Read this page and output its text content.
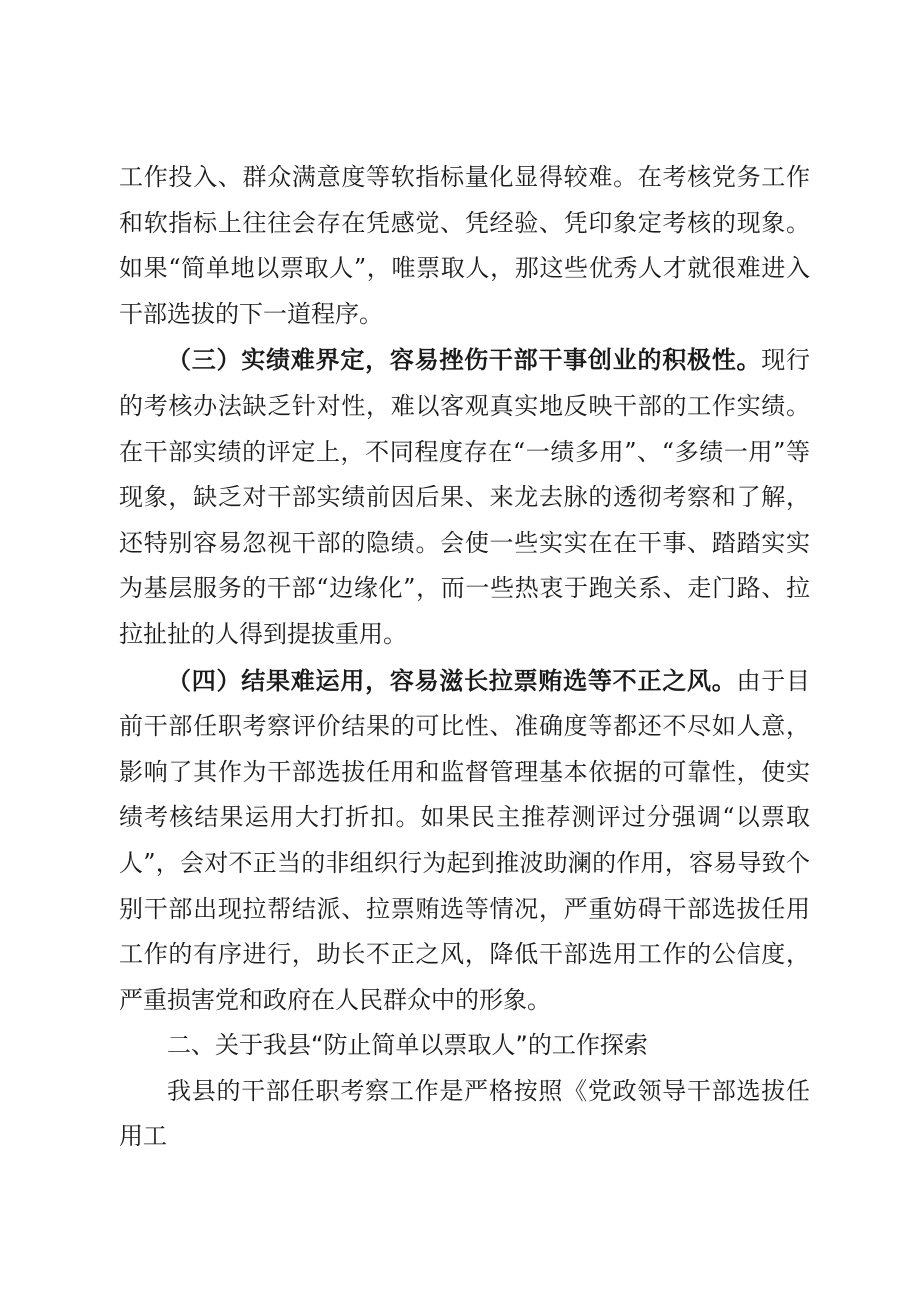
工作投入、群众满意度等软指标量化显得较难。在考核党务工作和软指标上往往会存在凭感觉、凭经验、凭印象定考核的现象。如果“简单地以票取人”，唯票取人，那这些优秀人才就很难进入干部选拔的下一道程序。

（三）实绩难界定，容易挫伤干部干事创业的积极性。现行的考核办法缺乏针对性，难以客观真实地反映干部的工作实绩。在干部实绩的评定上，不同程度存在“一绩多用”、“多绩一用”等现象，缺乏对干部实绩前因后果、来龙去脉的透彻考察和了解，还特别容易忽视干部的隐绩。会使一些实实在在干事、踏踏实实为基层服务的干部“边缘化”，而一些热衷于跑关系、走门路、拉拉扯扯的人得到提拔重用。

（四）结果难运用，容易滋长拉票贿选等不正之风。由于目前干部任职考察评价结果的可比性、准确度等都还不尽如人意，影响了其作为干部选拔任用和监督管理基本依据的可靠性，使实绩考核结果运用大打折扣。如果民主推荐测评过分强调“以票取人”，会对不正当的非组织行为起到推波助澜的作用，容易导致个别干部出现拉帮结派、拉票贿选等情况，严重妨碍干部选拔任用工作的有序进行，助长不正之风，降低干部选用工作的公信度，严重损害党和政府在人民群众中的形象。

二、关于我县“防止简单以票取人”的工作探索

我县的干部任职考察工作是严格按照《党政领导干部选拔任用工
